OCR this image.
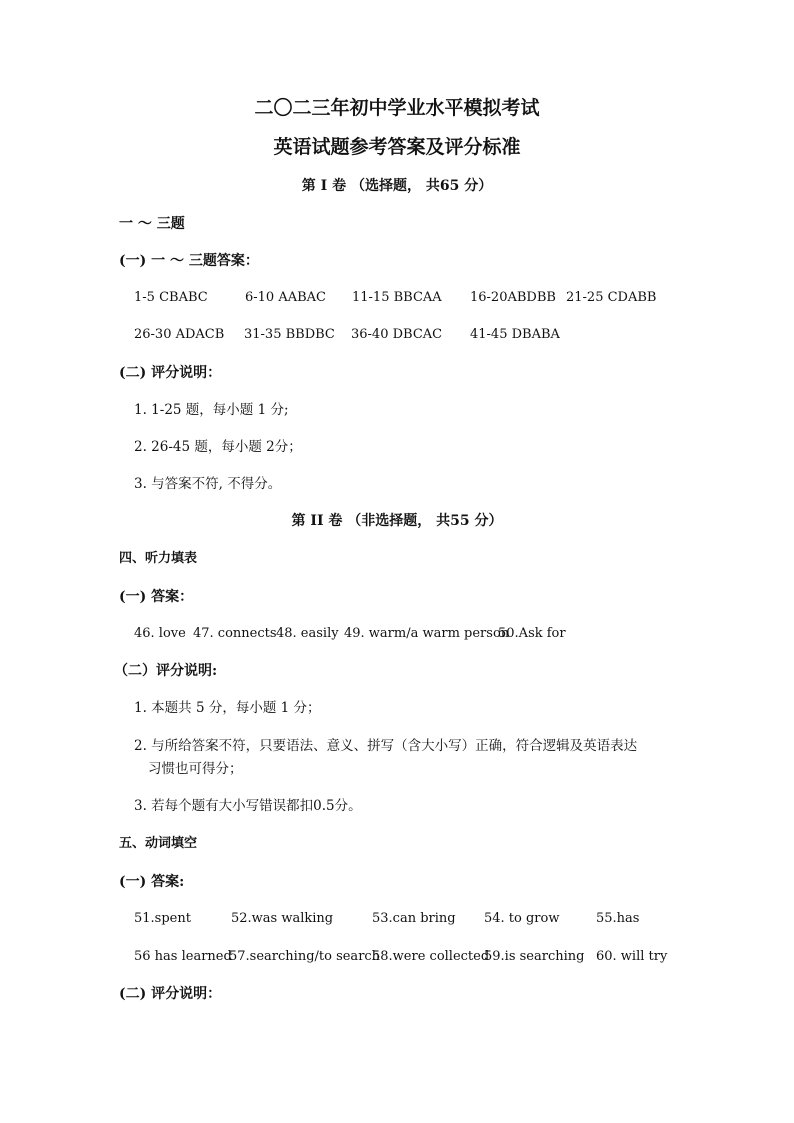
二〇二三年初中学业水平模拟考试
英语试题参考答案及评分标准
第 I 卷 （选择题， 共65 分）
一 ～ 三题
(一) 一 ～ 三题答案：
1-5 CBABC	6-10 AABAC 11-15 BBCAA 16-20ABDBB 21-25 CDABB
26-30 ADACB 31-35 BBDBC 36-40 DBCAC 41-45 DBABA
(二) 评分说明：
1. 1-25 题，每小题 1 分;
2. 26-45 题，每小题 2分；
3. 与答案不符, 不得分。
第 II 卷 （非选择题， 共55 分）
四、听力填表
(一) 答案：
46. love 47. connects 48. easily 49. warm/a warm person
50.Ask for
（二）评分说明:
1. 本题共 5 分，每小题 1 分；
2. 与所给答案不符，只要语法、意义、拼写（含大小写）正确，符合逻辑及英语表达
习惯也可得分；
3. 若每个题有大小写错误都扣0.5分。
五、动词填空
(一) 答案:
51.spent	52.was walking	53.can bring 54. to grow	55.has
56 has learned
57.searching/to search
58.were collected
59.is searching 60. will try
(二) 评分说明：
